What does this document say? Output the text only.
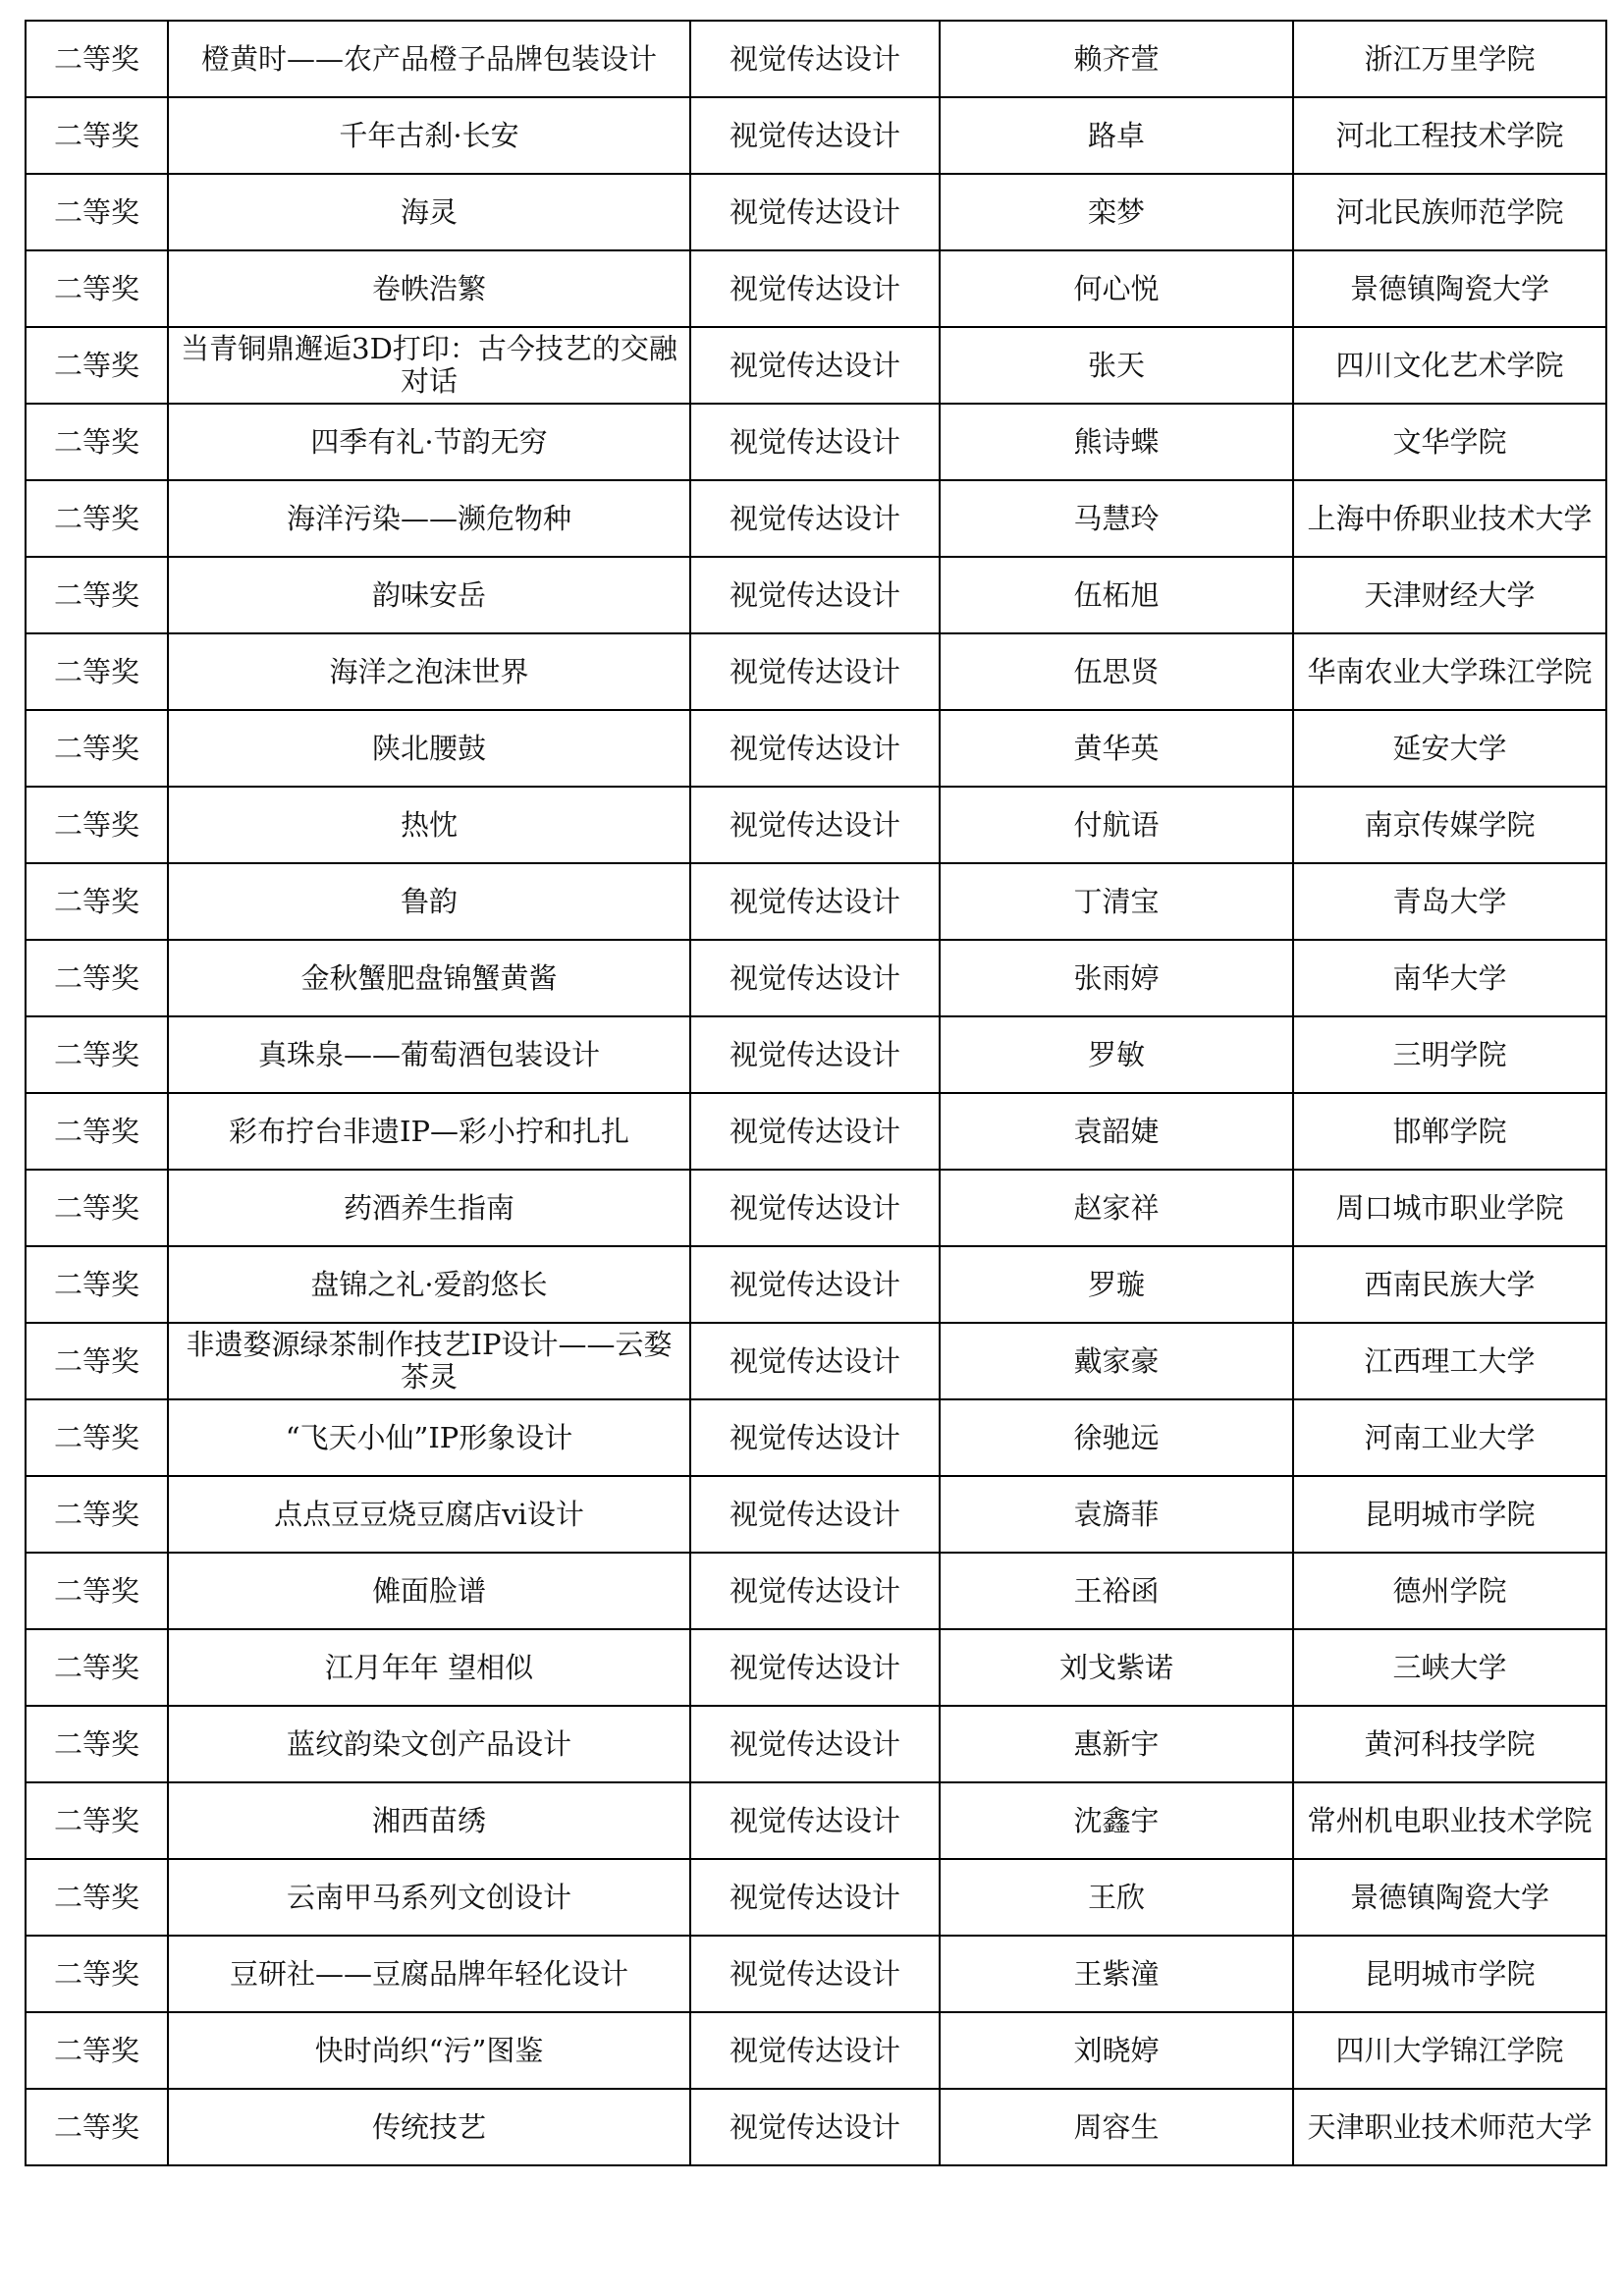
二等奖	橙黄时——农产品橙子品牌包装设计	视觉传达设计	赖齐萱	浙江万里学院
二等奖	千年古刹·长安	视觉传达设计	路卓	河北工程技术学院
二等奖	海灵	视觉传达设计	栾梦	河北民族师范学院
二等奖	卷帙浩繁	视觉传达设计	何心悦	景德镇陶瓷大学
二等奖	当青铜鼎邂逅3D打印：古今技艺的交融对话	视觉传达设计	张天	四川文化艺术学院
二等奖	四季有礼·节韵无穷	视觉传达设计	熊诗蝶	文华学院
二等奖	海洋污染——濒危物种	视觉传达设计	马慧玲	上海中侨职业技术大学
二等奖	韵味安岳	视觉传达设计	伍柘旭	天津财经大学
二等奖	海洋之泡沫世界	视觉传达设计	伍思贤	华南农业大学珠江学院
二等奖	陕北腰鼓	视觉传达设计	黄华英	延安大学
二等奖	热忱	视觉传达设计	付航语	南京传媒学院
二等奖	鲁韵	视觉传达设计	丁清宝	青岛大学
二等奖	金秋蟹肥盘锦蟹黄酱	视觉传达设计	张雨婷	南华大学
二等奖	真珠泉——葡萄酒包装设计	视觉传达设计	罗敏	三明学院
二等奖	彩布拧台非遗IP—彩小拧和扎扎	视觉传达设计	袁韶婕	邯郸学院
二等奖	药酒养生指南	视觉传达设计	赵家祥	周口城市职业学院
二等奖	盘锦之礼·爱韵悠长	视觉传达设计	罗璇	西南民族大学
二等奖	非遗婺源绿茶制作技艺IP设计——云婺茶灵	视觉传达设计	戴家豪	江西理工大学
二等奖	“飞天小仙”IP形象设计	视觉传达设计	徐驰远	河南工业大学
二等奖	点点豆豆烧豆腐店vi设计	视觉传达设计	袁旖菲	昆明城市学院
二等奖	傩面脸谱	视觉传达设计	王裕函	德州学院
二等奖	江月年年 望相似	视觉传达设计	刘戈紫诺	三峡大学
二等奖	蓝纹韵染文创产品设计	视觉传达设计	惠新宇	黄河科技学院
二等奖	湘西苗绣	视觉传达设计	沈鑫宇	常州机电职业技术学院
二等奖	云南甲马系列文创设计	视觉传达设计	王欣	景德镇陶瓷大学
二等奖	豆研社——豆腐品牌年轻化设计	视觉传达设计	王紫潼	昆明城市学院
二等奖	快时尚织“污”图鉴	视觉传达设计	刘晓婷	四川大学锦江学院
二等奖	传统技艺	视觉传达设计	周容生	天津职业技术师范大学
